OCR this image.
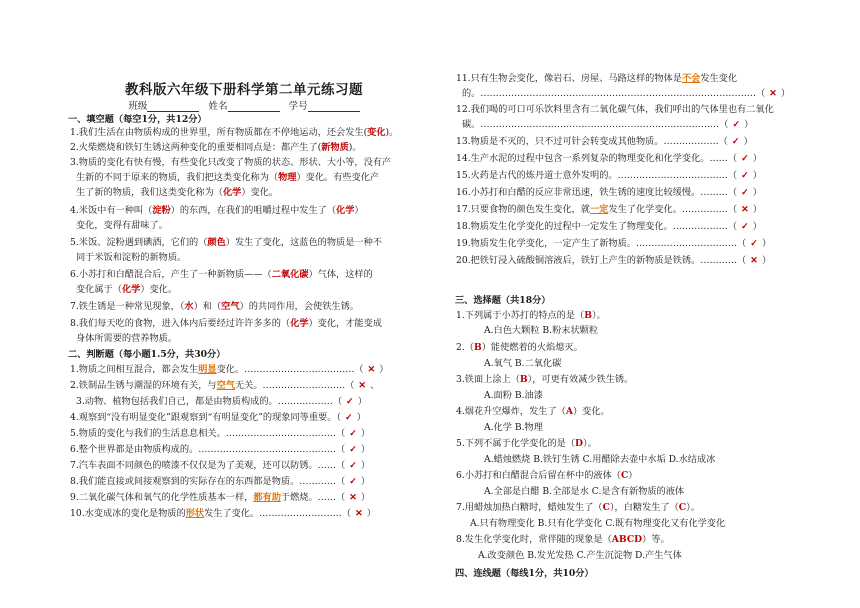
教科版六年级下册科学第二单元练习题
班级	姓名	学号
一、填空题（每空1分，共12分）
1.我们生活在由物质构成的世界里，所有物质都在不停地运动，还会发生(变化)。
2.火柴燃烧和铁钉生锈这两种变化的重要相同点是：都产生了(新物质)。
3.物质的变化有快有慢，有些变化只改变了物质的状态、形状、大小等，没有产
生新的不同于原来的物质，我们把这类变化称为（物理）变化。有些变化产
生了新的物质，我们这类变化称为（化学）变化。
4.米饭中有一种叫（淀粉）的东西，在我们的咀嚼过程中发生了（化学）
变化，变得有甜味了。
5.米饭、淀粉遇到碘酒，它们的（颜色）发生了变化，这蓝色的物质是一种不
同于米饭和淀粉的新物质。
6.小苏打和白醋混合后，产生了一种新物质——（二氧化碳）气体，这样的
变化属于（化学）变化。
7.铁生锈是一种常见现象，（水）和（空气）的共同作用，会使铁生锈。
8.我们每天吃的食物，进入体内后要经过许许多多的（化学）变化，才能变成
身体所需要的营养物质。
二、判断题（每小题1.5分，共30分）
1.物质之间相互混合，都会发生明显变化。………………………………（ ✕ ）
2.铁制品生锈与潮湿的环境有关，与空气无关。………………………（ ✕ 、
3.动物、植物包括我们自己，都是由物质构成的。………………（ ✓ ）
4.观察到“没有明显变化”跟观察到“有明显变化”的现象同等重要。（ ✓ ）
5.物质的变化与我们的生活息息相关。………………………………（ ✓ ）
6.整个世界都是由物质构成的。………………………………………（ ✓ ）
7.汽车表面不同颜色的喷漆不仅仅是为了美观，还可以防锈。……（ ✓ ）
8.我们能直接或间接观察到的实际存在的东西都是物质。…………（ ✓ ）
9.二氧化碳气体和氧气的化学性质基本一样，都有助于燃烧。……（ ✕ ）
10.水变成冰的变化是物质的形状发生了变化。………………………（ ✕ ）
11.只有生物会变化，像岩石、房屋、马路这样的物体是不会发生变化
的。………………………………………………………………………………（ ✕ ）
12.我们喝的可口可乐饮料里含有二氧化碳气体，我们呼出的气体里也有二氧化
碳。……………………………………………………………………（ ✓ ）
13.物质是不灭的，只不过可针会转变成其他物质。………………（ ✓ ）
14.生产水泥的过程中包含一系列复杂的物理变化和化学变化。……（ ✓ ）
15.火药是古代的炼丹道士意外发明的。………………………………（ ✓ ）
16.小苏打和白醋的反应非常迅速，铁生锈的速度比较缓慢。………（ ✓ ）
17.只要食物的颜色发生变化，就一定发生了化学变化。……………（ ✕ ）
18.物质发生化学变化的过程中一定发生了物理变化。………………（ ✓ ）
19.物质发生化学变化，一定产生了新物质。……………………………（ ✓ ）
20.把铁钉浸入硫酸铜溶液后，铁钉上产生的新物质是铁锈。…………（ ✕ ）
三、选择题（共18分）
1.下列属于小苏打的特点的是（B）。
A.白色大颗粒 B.粉末状颗粒
2.（B）能使燃着的火焰熄灭。
A.氧气 B.二氧化碳
3.铁面上涂上（B），可更有效减少铁生锈。
A.面粉 B.油漆
4.烟花升空爆炸，发生了（A）变化。
A.化学 B.物理
5.下列不属于化学变化的是（D）。
A.蜡烛燃烧 B.铁钉生锈 C.用醋除去壶中水垢 D.水结成冰
6.小苏打和白醋混合后留在杯中的液体（C）
A.全部是白醋 B.全部是水 C.是含有新物质的液体
7.用蜡烛加热白糖时，蜡烛发生了（C），白糖发生了（C）。
A.只有物理变化 B.只有化学变化 C.既有物理变化又有化学变化
8.发生化学变化时，常伴随的现象是（ABCD）等。
A.改变颜色 B.发光发热 C.产生沉淀物 D.产生气体
四、连线题（每线1分，共10分）
